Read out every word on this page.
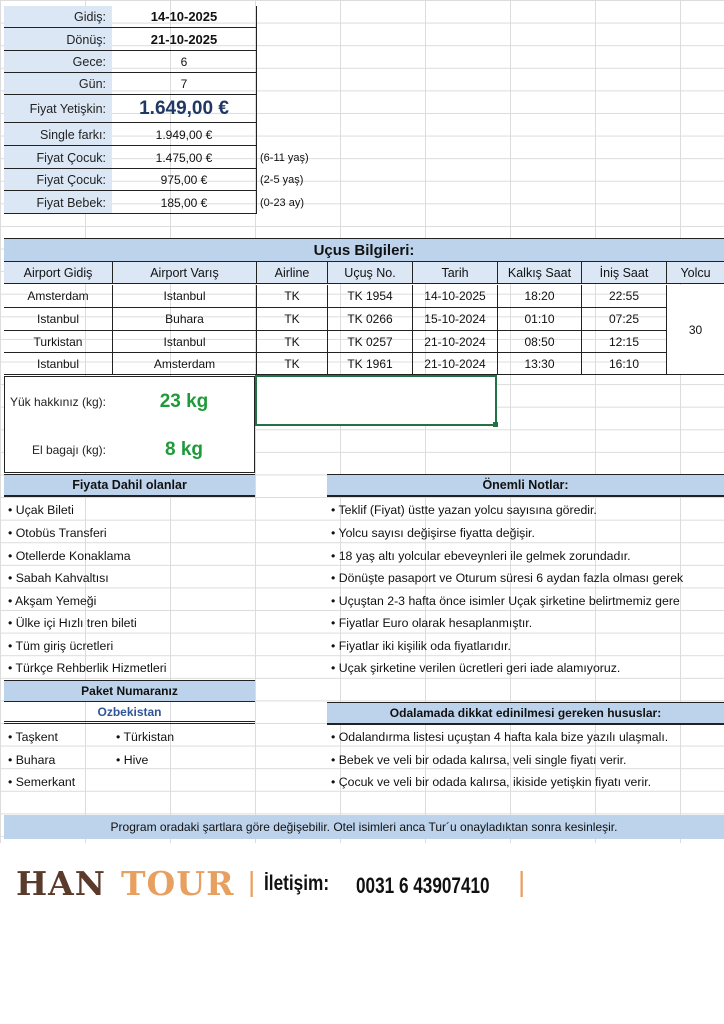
Gidiş:	14-10-2025
Dönüş:	21-10-2025
Gece:	6
Gün:	7
Fiyat Yetişkin:	1.649,00 €
Single farkı:	1.949,00 €
Fiyat Çocuk:	1.475,00 €	(6-11 yaş)
Fiyat Çocuk:	975,00 €	(2-5 yaş)
Fiyat Bebek:	185,00 €	(0-23 ay)
Uçus Bilgileri:
Airport Gidiş	Airport Varış	Airline	Uçuş No.	Tarih	Kalkış Saat	İniş Saat	Yolcu
Amsterdam	Istanbul	TK	TK 1954	14-10-2025	18:20	22:55
Istanbul	Buhara	TK	TK 0266	15-10-2024	01:10	07:25
Turkistan	Istanbul	TK	TK 0257	21-10-2024	08:50	12:15
Istanbul	Amsterdam	TK	TK 1961	21-10-2024	13:30	16:10
30
Yük hakkınız (kg):	23 kg
El bagajı (kg):	8 kg
Fiyata Dahil olanlar
• Uçak Bileti
• Otobüs Transferi
• Otellerde Konaklama
• Sabah Kahvaltısı
• Akşam Yemeği
• Ülke içi Hızlı tren bileti
• Tüm giriş ücretleri
• Türkçe Rehberlik Hizmetleri
Önemli Notlar:
• Teklif (Fiyat) üstte yazan yolcu sayısına göredir.
• Yolcu sayısı değişirse fiyatta değişir.
• 18 yaş altı yolcular ebeveynleri ile gelmek zorundadır.
• Dönüşte pasaport ve Oturum süresi 6 aydan fazla olması gerek
• Uçuştan 2-3 hafta önce isimler Uçak şirketine belirtmemiz gere
• Fiyatlar Euro olarak hesaplanmıştır.
• Fiyatlar iki kişilik oda fiyatlarıdır.
• Uçak şirketine verilen ücretleri geri iade alamıyoruz.
Paket Numaranız
Ozbekistan
• Taşkent
• Buhara
• Semerkant
• Türkistan
• Hive
Odalamada dikkat edinilmesi gereken hususlar:
• Odalandırma listesi uçuştan 4 hafta kala bize yazılı ulaşmalı.
• Bebek ve veli bir odada kalırsa, veli single fiyatı verir.
• Çocuk ve veli bir odada kalırsa, ikiside yetişkin fiyatı verir.
Program oradaki şartlara göre değişebilir. Otel isimleri anca Tur´u onayladıktan sonra kesinleşir.
HAN TOUR | İletişim: 0031 6 43907410 |
